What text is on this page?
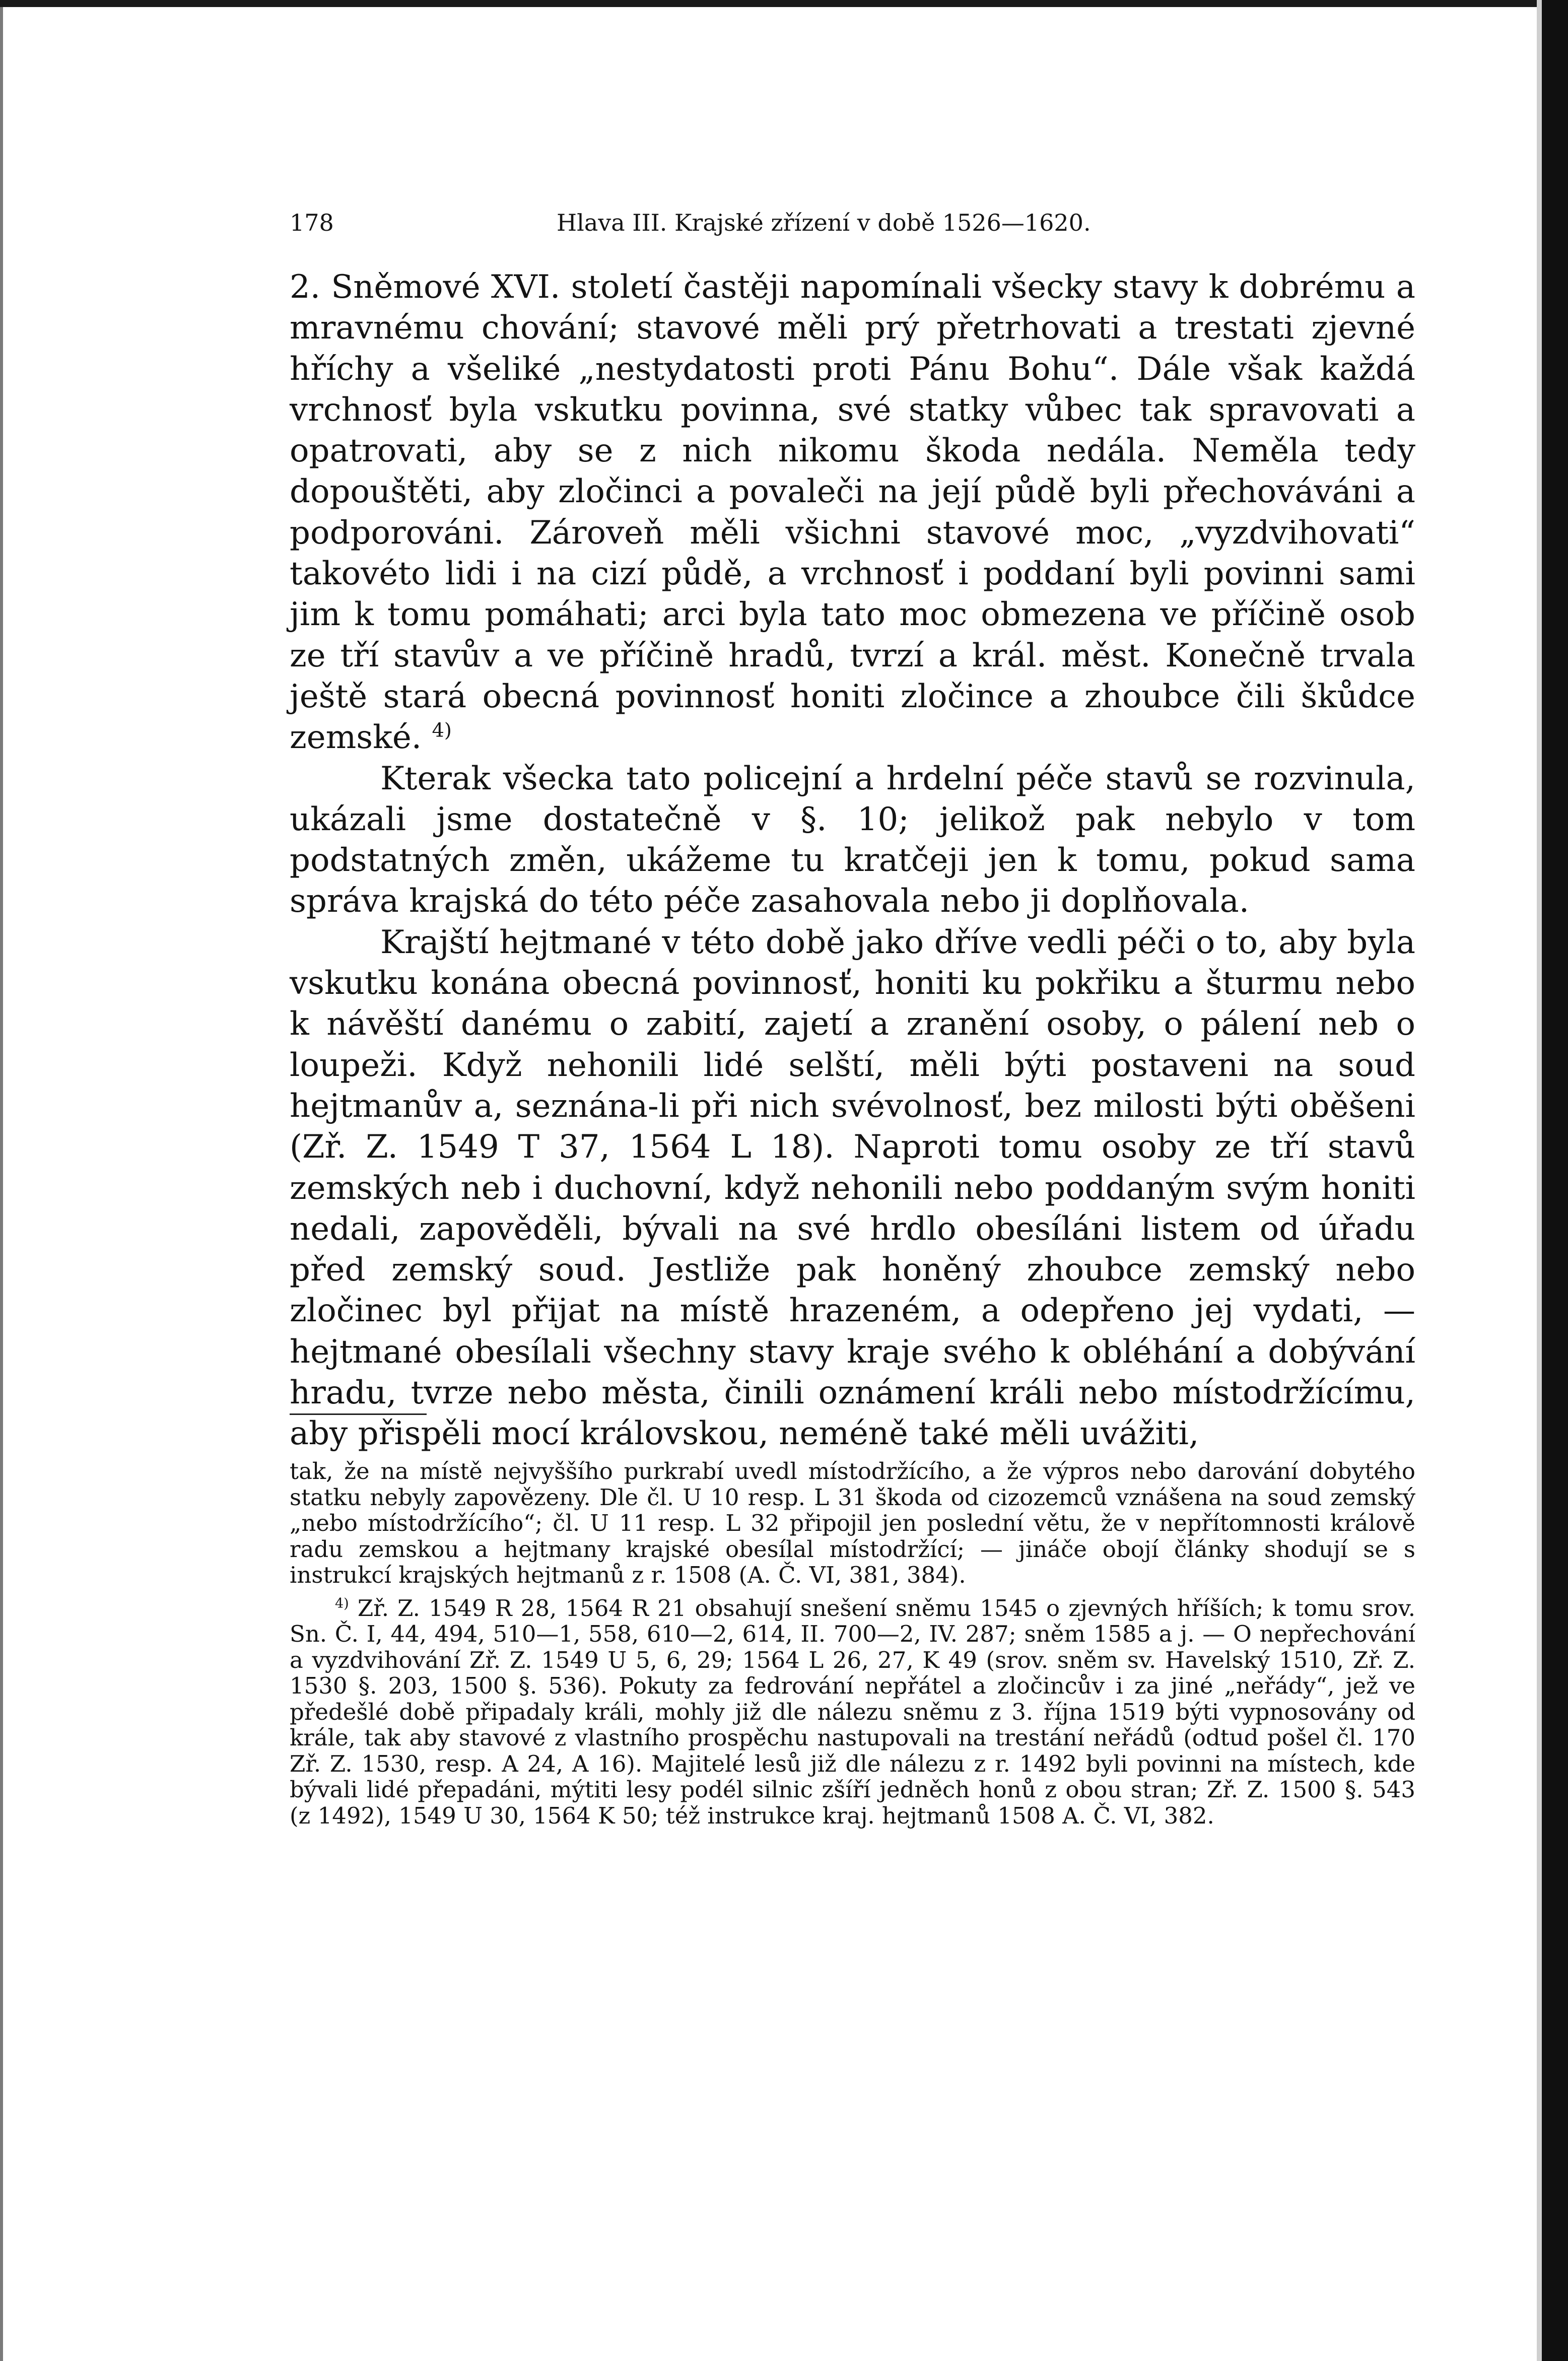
178	Hlava III. Krajské zřízení v době 1526—1620.

2. Sněmové XVI. století častěji napomínali všecky stavy k dobrému a mravnému chování; stavové měli prý přetrhovati a trestati zjevné hříchy a všeliké „nestydatosti proti Pánu Bohu“. Dále však každá vrchnosť byla vskutku povinna, své statky vůbec tak spravovati a opatrovati, aby se z nich nikomu škoda nedála. Neměla tedy dopouštěti, aby zločinci a povaleči na její půdě byli přechováváni a podporováni. Zároveň měli všichni stavové moc, „vyzdvihovati“ takovéto lidi i na cizí půdě, a vrchnosť i poddaní byli povinni sami jim k tomu pomáhati; arci byla tato moc obmezena ve příčině osob ze tří stavův a ve příčině hradů, tvrzí a král. měst. Konečně trvala ještě stará obecná povinnosť honiti zločince a zhoubce čili škůdce zemské. $^{4)}$

Kterak všecka tato policejní a hrdelní péče stavů se rozvinula, ukázali jsme dostatečně v §. 10; jelikož pak nebylo v tom podstatných změn, ukážeme tu kratčeji jen k tomu, pokud sama správa krajská do této péče zasahovala nebo ji doplňovala.

Krajští hejtmané v této době jako dříve vedli péči o to, aby byla vskutku konána obecná povinnosť, honiti ku pokřiku a šturmu nebo k návěští danému o zabití, zajetí a zranění osoby, o pálení neb o loupeži. Když nehonili lidé selští, měli býti postaveni na soud hejtmanův a, seznána-li při nich svévolnosť, bez milosti býti oběšeni (Zř. Z. 1549 T 37, 1564 L 18). Naproti tomu osoby ze tří stavů zemských neb i duchovní, když nehonili nebo poddaným svým honiti nedali, zapověděli, bývali na své hrdlo obesíláni listem od úřadu před zemský soud. Jestliže pak honěný zhoubce zemský nebo zločinec byl přijat na místě hrazeném, a odepřeno jej vydati, — hejtmané obesílali všechny stavy kraje svého k obléhání a dobývání hradu, tvrze nebo města, činili oznámení králi nebo místodržícímu, aby přispěli mocí královskou, neméně také měli uvážiti,

tak, že na místě nejvyššího purkrabí uvedl místodržícího, a že výpros nebo darování dobytého statku nebyly zapovězeny. Dle čl. U 10 resp. L 31 škoda od cizozemců vznášena na soud zemský „nebo místodržícího“; čl. U 11 resp. L 32 připojil jen poslední větu, že v nepřítomnosti králově radu zemskou a hejtmany krajské obesílal místodržící; — jináče obojí články shodují se s instrukcí krajských hejtmanů z r. 1508 (A. Č. VI, 381, 384).

$^{4)}$ Zř. Z. 1549 R 28, 1564 R 21 obsahují snešení sněmu 1545 o zjevných hříších; k tomu srov. Sn. Č. I, 44, 494, 510—1, 558, 610—2, 614, II. 700—2, IV. 287; sněm 1585 a j. — O nepřechování a vyzdvihování Zř. Z. 1549 U 5, 6, 29; 1564 L 26, 27, K 49 (srov. sněm sv. Havelský 1510, Zř. Z. 1530 §. 203, 1500 §. 536). Pokuty za fedrování nepřátel a zločincův i za jiné „neřády“, jež ve předešlé době připadaly králi, mohly již dle nálezu sněmu z 3. října 1519 býti vypnosovány od krále, tak aby stavové z vlastního prospěchu nastupovali na trestání neřádů (odtud pošel čl. 170 Zř. Z. 1530, resp. A 24, A 16). Majitelé lesů již dle nálezu z r. 1492 byli povinni na místech, kde bývali lidé přepadáni, mýtiti lesy podél silnic zšíří jedněch honů z obou stran; Zř. Z. 1500 §. 543 (z 1492), 1549 U 30, 1564 K 50; též instrukce kraj. hejtmanů 1508 A. Č. VI, 382.
